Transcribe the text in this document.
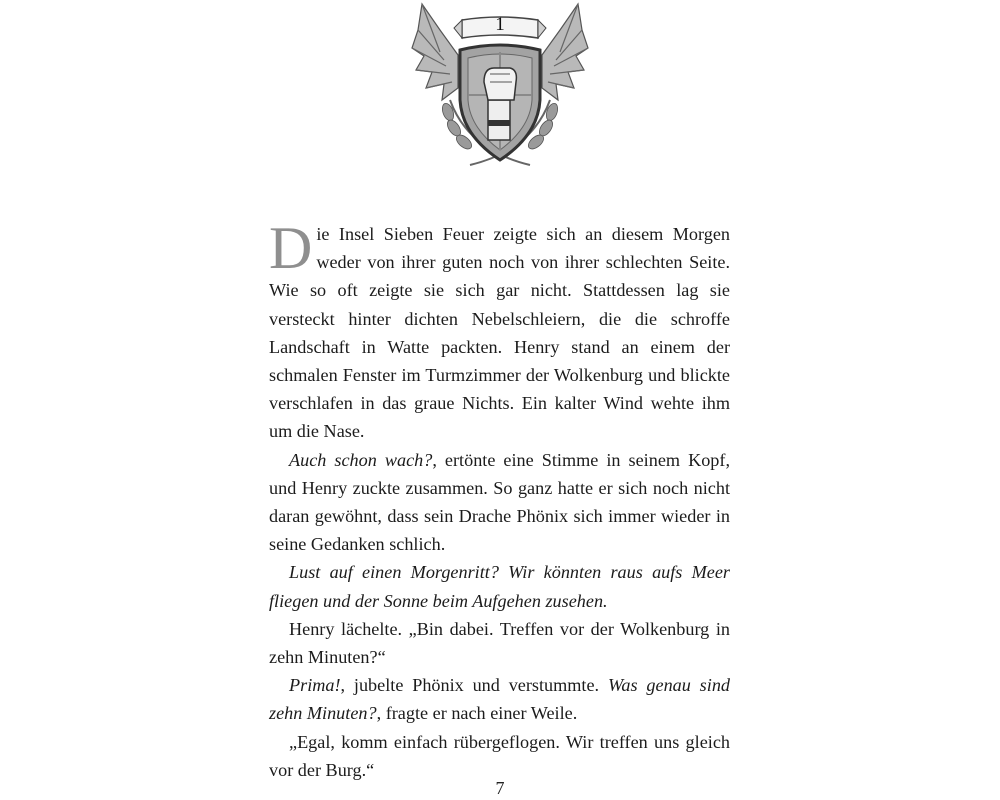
1

Die Insel Sieben Feuer zeigte sich an diesem Morgen weder von ihrer guten noch von ihrer schlechten Seite. Wie so oft zeigte sie sich gar nicht. Stattdessen lag sie versteckt hinter dichten Nebelschleiern, die die schroffe Landschaft in Watte packten. Henry stand an einem der schmalen Fenster im Turmzimmer der Wolkenburg und blickte verschlafen in das graue Nichts. Ein kalter Wind wehte ihm um die Nase.

Auch schon wach?, ertönte eine Stimme in seinem Kopf, und Henry zuckte zusammen. So ganz hatte er sich noch nicht daran gewöhnt, dass sein Drache Phönix sich immer wieder in seine Gedanken schlich.

Lust auf einen Morgenritt? Wir könnten raus aufs Meer fliegen und der Sonne beim Aufgehen zusehen.

Henry lächelte. „Bin dabei. Treffen vor der Wolkenburg in zehn Minuten?“

Prima!, jubelte Phönix und verstummte. Was genau sind zehn Minuten?, fragte er nach einer Weile.

„Egal, komm einfach rübergeflogen. Wir treffen uns gleich vor der Burg.“

7
